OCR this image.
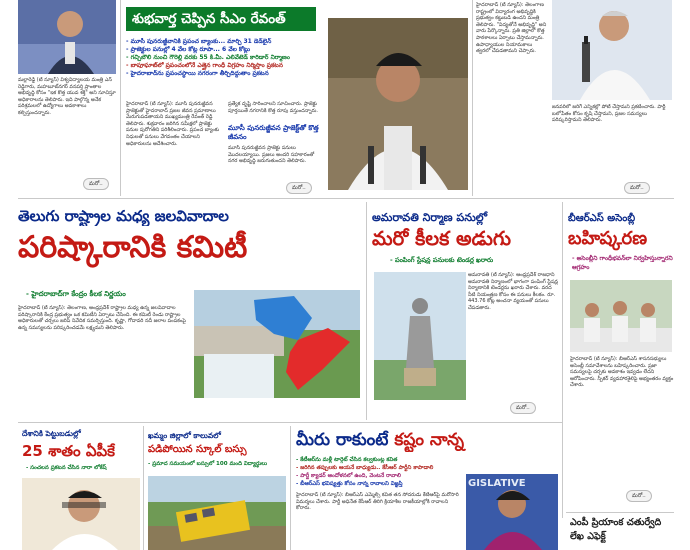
మల్లారెడ్డి (టీ న్యూస్) విశ్వవిద్యాలయ మంత్రి ఎన్ రెడ్డిగారు, మహబూబ్‌నగర్ వనపర్తి ప్రాంతాల అభివృద్ధి కోసం "ఇక కొత్త యువ శక్తి" అని సూచిస్తూ అధికారాలను తెలిపారు. ఇది పాల్గొన్న అనేక పరిశ్రమలలో ఉద్యోగాలు అవకాశాలు కల్పిస్తుందన్నారు.
మరో..
శుభవార్త చెప్పిన సీఎం రేవంత్
- మూసీ పునరుజ్జీవానికి ప్రపంచ బ్యాంకు... మార్చి 31 డెడ్‌లైన్
- ప్రాజెక్టుల పనుల్లో 4 వేల కోట్ల రూపా... 6 వేల కోట్లు
- గచ్చిబౌలి నుంచి గౌరెల్లి వరకు 55 కి.మీ. ఎలివేటెడ్ కారిడార్ నిర్మాణం
- బాపూఘాట్‌లో ప్రపంచంలోనే ఎత్తైన గాంధీ విగ్రహం నిర్మిస్తాం ప్రకటన
- హైదరాబాద్‌ను ప్రపంచస్థాయి నగరంగా తీర్చిదిద్దుతాం ప్రకటన
హైదరాబాద్ (టీ న్యూస్): మూసీ పునరుజ్జీవన ప్రాజెక్టుతో హైదరాబాద్ ప్రజల జీవన ప్రమాణాలు మెరుగుపడతాయని ముఖ్యమంత్రి రేవంత్ రెడ్డి తెలిపారు. శుక్రవారం జరిగిన సమీక్షలో ప్రాజెక్టు పనుల పురోగతిని పరిశీలించారు. ప్రపంచ బ్యాంకు నిధులతో పనులు వేగవంతం చేయాలని అధికారులను ఆదేశించారు.
ప్రత్యేక దృష్టి సారించాలని సూచించారు. ప్రాజెక్టు పూర్తయితే నగరానికి కొత్త రూపు వస్తుందన్నారు.
మూసీ పునరుజ్జీవన ప్రాజెక్ట్‌తో కొత్త జీవనం
మూసీ పునరుజ్జీవన ప్రాజెక్టు పనులు మొదలయ్యాయి. ప్రజలు అందరి సహకారంతో నగర అభివృద్ధి జరుగుతుందని తెలిపారు.
మరో..
హైదరాబాద్ (టీ న్యూస్): తెలంగాణ రాష్ట్రంలో విద్యారంగ అభివృద్ధికి ప్రభుత్వం కట్టుబడి ఉందని మంత్రి తెలిపారు. "విద్యతోనే అభివృద్ధి" అని వారు పేర్కొన్నారు. ప్రతి జిల్లాలో కొత్త పాఠశాలలు ఏర్పాటు చేస్తామన్నారు. ఉపాధ్యాయుల నియామకాలు త్వరలో చేపడతామని చెప్పారు.
జనవరిలో జరిగే ఎన్నికల్లో పోటీ చేస్తామని ప్రకటించారు. పార్టీ బలోపేతం కోసం కృషి చేస్తామని, ప్రజల సమస్యలు పరిష్కరిస్తామని తెలిపారు.
మరో..
తెలుగు రాష్ట్రాల మధ్య జలవివాదాల
పరిష్కారానికి కమిటీ
- హైదరాబాద్‌గా కేంద్రం కీలక నిర్ణయం
హైదరాబాద్ (టీ న్యూస్): తెలంగాణ, ఆంధ్రప్రదేశ్ రాష్ట్రాల మధ్య ఉన్న జలవివాదాల పరిష్కారానికి కేంద్ర ప్రభుత్వం ఒక కమిటీని ఏర్పాటు చేసింది. ఈ కమిటీ రెండు రాష్ట్రాల అధికారులతో చర్చలు జరిపి నివేదిక సమర్పిస్తుంది. కృష్ణా, గోదావరి నదీ జలాల పంపకంపై ఉన్న సమస్యలను పరిష్కరించడమే లక్ష్యమని తెలిపారు.
అమరావతి నిర్మాణ పనుల్లో
మరో కీలక అడుగు
- పంపింగ్ స్టేషన్ల పనులకు టెండర్ల ఖరారు
అమరావతి (టీ న్యూస్): ఆంధ్రప్రదేశ్ రాజధాని అమరావతి నిర్మాణంలో భాగంగా పంపింగ్ స్టేషన్ల నిర్మాణానికి టెండర్లను ఖరారు చేశారు. వరద నీటి నియంత్రణ కోసం ఈ పనులు కీలకం. రూ. 443.76 కోట్ల అంచనా వ్యయంతో పనులు చేపడతారు.
మరో..
బీఆర్ఎస్ అసెంబ్లీ
బహిష్కరణ
- అసెంబ్లీని గాంధీభవన్‌లా నిర్వహిస్తున్నారని ఆగ్రహం
హైదరాబాద్ (టీ న్యూస్): బీఆర్ఎస్ శాసనసభ్యులు అసెంబ్లీ సమావేశాలను బహిష్కరించారు. ప్రజా సమస్యలపై చర్చకు అవకాశం ఇవ్వడం లేదని ఆరోపించారు. స్పీకర్ వ్యవహారశైలిపై అభ్యంతరం వ్యక్తం చేశారు.
మరో..
దేశానికి పెట్టుబడుల్లో
25 శాతం ఏపీకే
- సంచలన ప్రకటన చేసిన నారా లోకేష్
ఖమ్మం జిల్లాలో కాలువలో
పడిపోయిన స్కూల్ బస్సు
- ప్రమాద సమయంలో బస్సులో 100 మంది విద్యార్థులు
మీరు రాకుంటే కష్టం నాన్న
- కేటీఆర్‌ను మళ్లీ టార్గెట్ చేసిన కల్వకుంట్ల కవిత
- జరిగిన తప్పులకు ఆయనే బాధ్యుడు.. కేసీఆర్ పార్టీని కాపాడాలి
- పార్టీ క్యాడర్ ఆందోళనలో ఉంది, వెంటనే రావాలి
- బీఆర్ఎస్ భవిష్యత్తు కోసం నాన్న రావాలని విజ్ఞప్తి
హైదరాబాద్ (టీ న్యూస్): బీఆర్ఎస్ ఎమ్మెల్సీ కవిత తన సోదరుడు కేటీఆర్‌పై మరోసారి విమర్శలు చేశారు. పార్టీ అధినేత కేసీఆర్ తిరిగి క్రియాశీల రాజకీయాల్లోకి రావాలని కోరారు.
GISLATIVE
ఎంపీ ప్రియాంక చతుర్వేది లేఖ ఎఫెక్ట్
